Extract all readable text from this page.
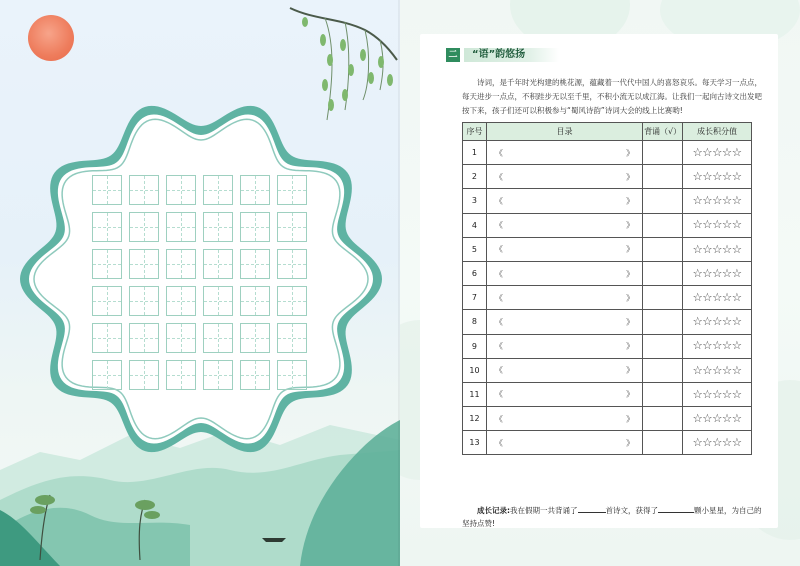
二	“语”韵悠扬

诗词，是千年时光构建的桃花源，蕴藏着一代代中国人的喜怒哀乐。每天学习一点点，每天进步一点点，不积跬步无以至千里，不积小流无以成江海。让我们一起向古诗文出发吧按下来，孩子们还可以积极参与“蜀风诗韵”诗词大会的线上比赛哟!

序号	目录	背诵（√）	成长积分值
1	《 》		☆☆☆☆☆
2	《 》		☆☆☆☆☆
3	《 》		☆☆☆☆☆
4	《 》		☆☆☆☆☆
5	《 》		☆☆☆☆☆
6	《 》		☆☆☆☆☆
7	《 》		☆☆☆☆☆
8	《 》		☆☆☆☆☆
9	《 》		☆☆☆☆☆
10	《 》		☆☆☆☆☆
11	《 》		☆☆☆☆☆
12	《 》		☆☆☆☆☆
13	《 》		☆☆☆☆☆

成长记录:我在假期一共背诵了	首诗文，获得了	颗小星星，为自己的坚持点赞!
